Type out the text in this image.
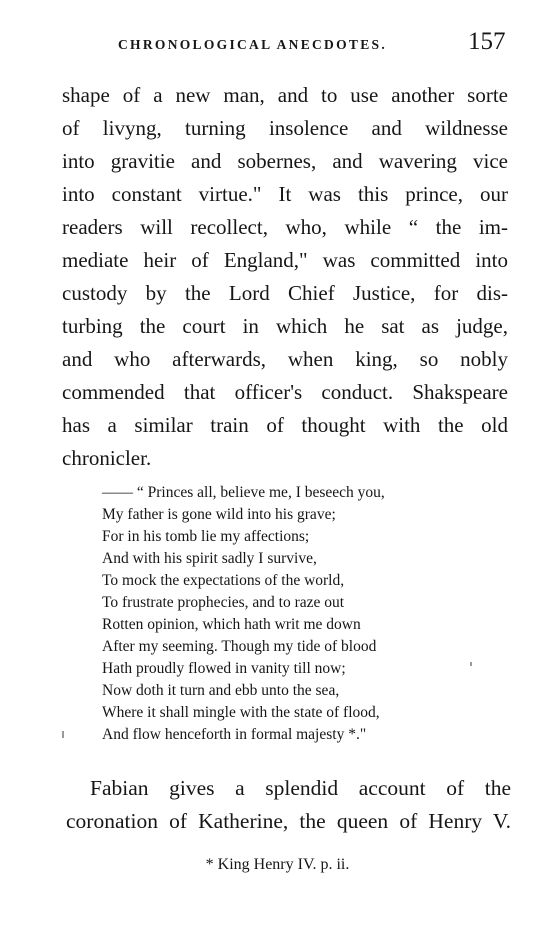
CHRONOLOGICAL ANECDOTES.	157
shape of a new man, and to use another sorte
of livyng, turning insolence and wildnesse
into gravitie and sobernes, and wavering vice
into constant virtue." It was this prince, our
readers will recollect, who, while “ the im-
mediate heir of England," was committed into
custody by the Lord Chief Justice, for dis-
turbing the court in which he sat as judge,
and who afterwards, when king, so nobly
commended that officer's conduct. Shakspeare
has a similar train of thought with the old
chronicler.
—— “ Princes all, believe me, I beseech you,
My father is gone wild into his grave;
For in his tomb lie my affections;
And with his spirit sadly I survive,
To mock the expectations of the world,
To frustrate prophecies, and to raze out
Rotten opinion, which hath writ me down
After my seeming. Though my tide of blood
Hath proudly flowed in vanity till now;
Now doth it turn and ebb unto the sea,
Where it shall mingle with the state of flood,
And flow henceforth in formal majesty *."
Fabian gives a splendid account of the
coronation of Katherine, the queen of Henry V.
* King Henry IV. p. ii.
